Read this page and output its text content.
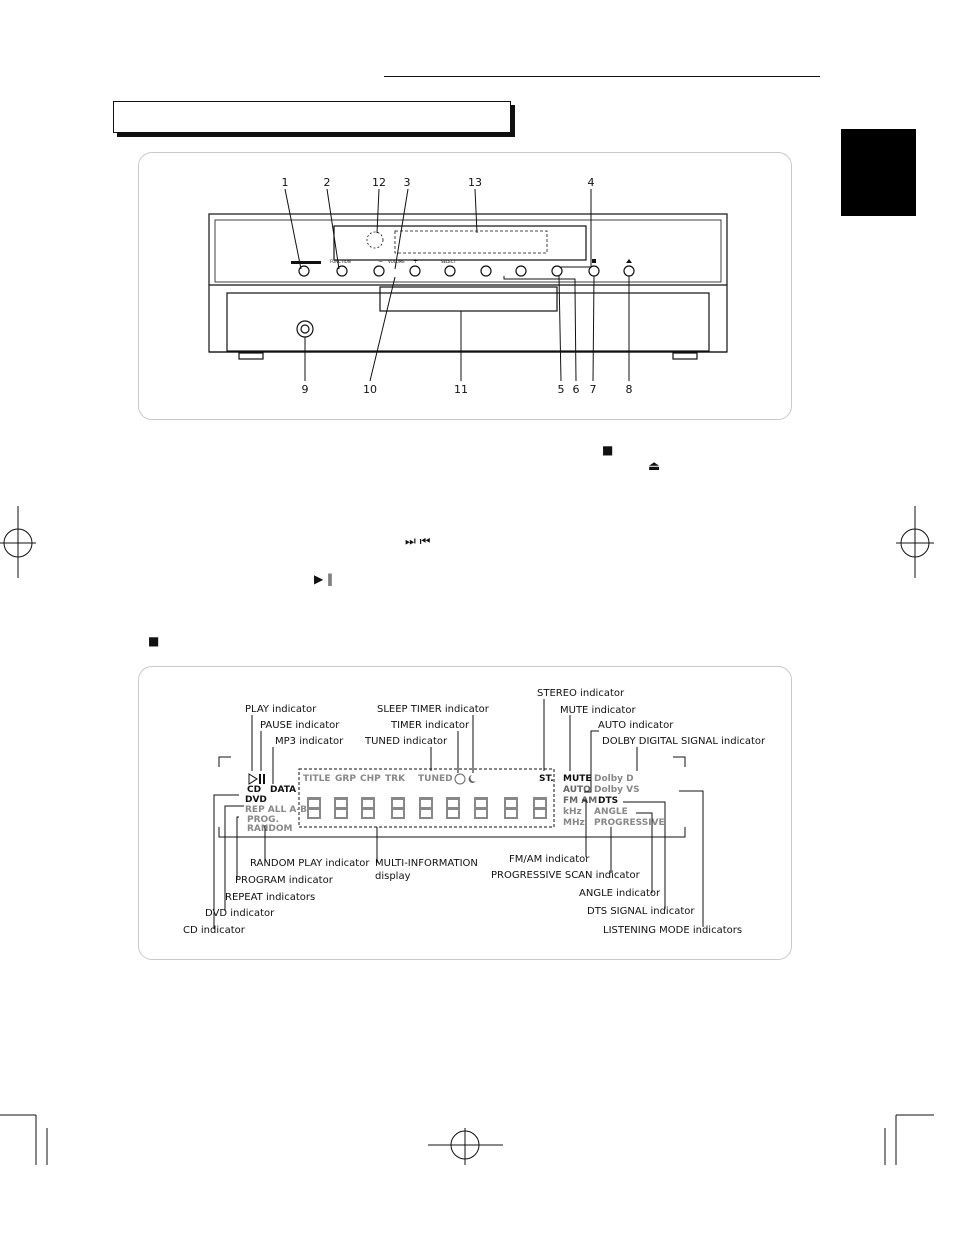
FUNCTION	−	+
VOLUME	SELECT
1	2	12 3	13	4
10	11
9	5 6 7	8
■
⏏
⏭ ⏮
▶ ‖
■
TITLE GRP CHP TRK TUNED	ST. MUTE
AUTO
FM AM
kHz
MHz
Dolby D
Dolby VS
DTS
ANGLE
PROGRESSIVE
CD
DVD
DATA
REP ALL A-B
PROG.
RANDOM
PLAY indicator
PAUSE indicator
MP3 indicator
SLEEP TIMER indicator
TIMER indicator
TUNED indicator
STEREO indicator
MUTE indicator
AUTO indicator
DOLBY DIGITAL SIGNAL indicator
RANDOM PLAY indicator MULTI-INFORMATION
display
FM/AM indicator
PROGRESSIVE SCAN indicator
PROGRAM indicator
REPEAT indicators	ANGLE indicator
DVD indicator	DTS SIGNAL indicator
CD indicator	LISTENING MODE indicators
